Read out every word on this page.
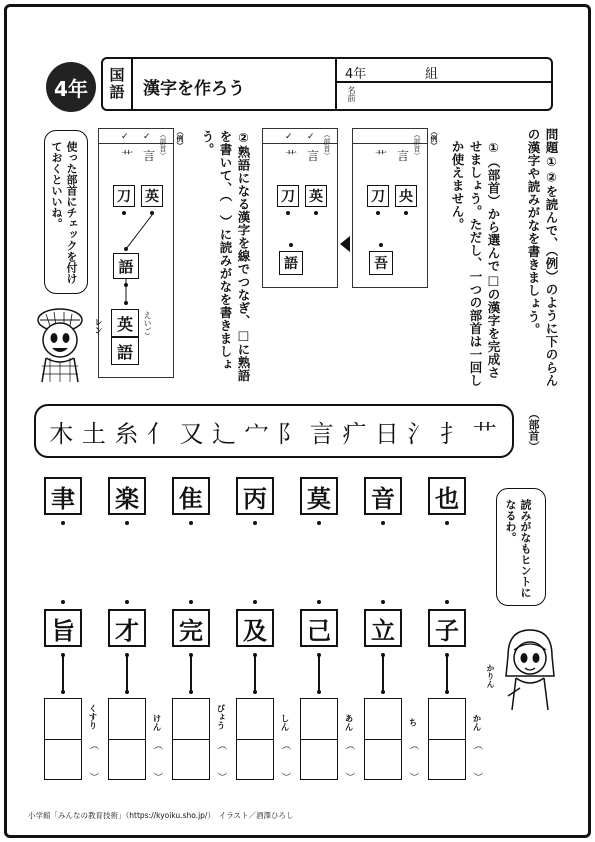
4年	国語	漢字を作ろう
4年	組
名前
問題①②を読んで、（例）のように下のらんの漢字や読みがなを書きましょう。
①（部首）から選んで□の漢字を完成させましょう。ただし、一つの部首は一回しか使えません。
（例）
（部首）
言
艹
刀 央
吾
（部首）
言
艹
✓
✓
刀 英
語
②熟語になる漢字を線でつなぎ、□に熟語を書いて、（　）に読みがなを書きましょう。
（例）
（部首）
言
艹
✓
✓
刀 英
語
英
語
えいご
使った部首にチェックを付けておくといいね。
レン
木 土 糸 亻 又 辶 宀 阝 言 疒 日 氵 扌 艹	（部首）
聿 楽 隹 丙 莫 音 也
読みがなもヒントになるわ。
かりん
旨 才 完 及 己 立 子
くすり	けん	びょう	しん	あん	ち	かん
︵	︵	︵	︵	︵	︵	︵
︶	︶	︶	︶	︶	︶	︶
小学館「みんなの教育技術」（https://kyoiku.sho.jp/）　イラスト／酒澤ひろし
